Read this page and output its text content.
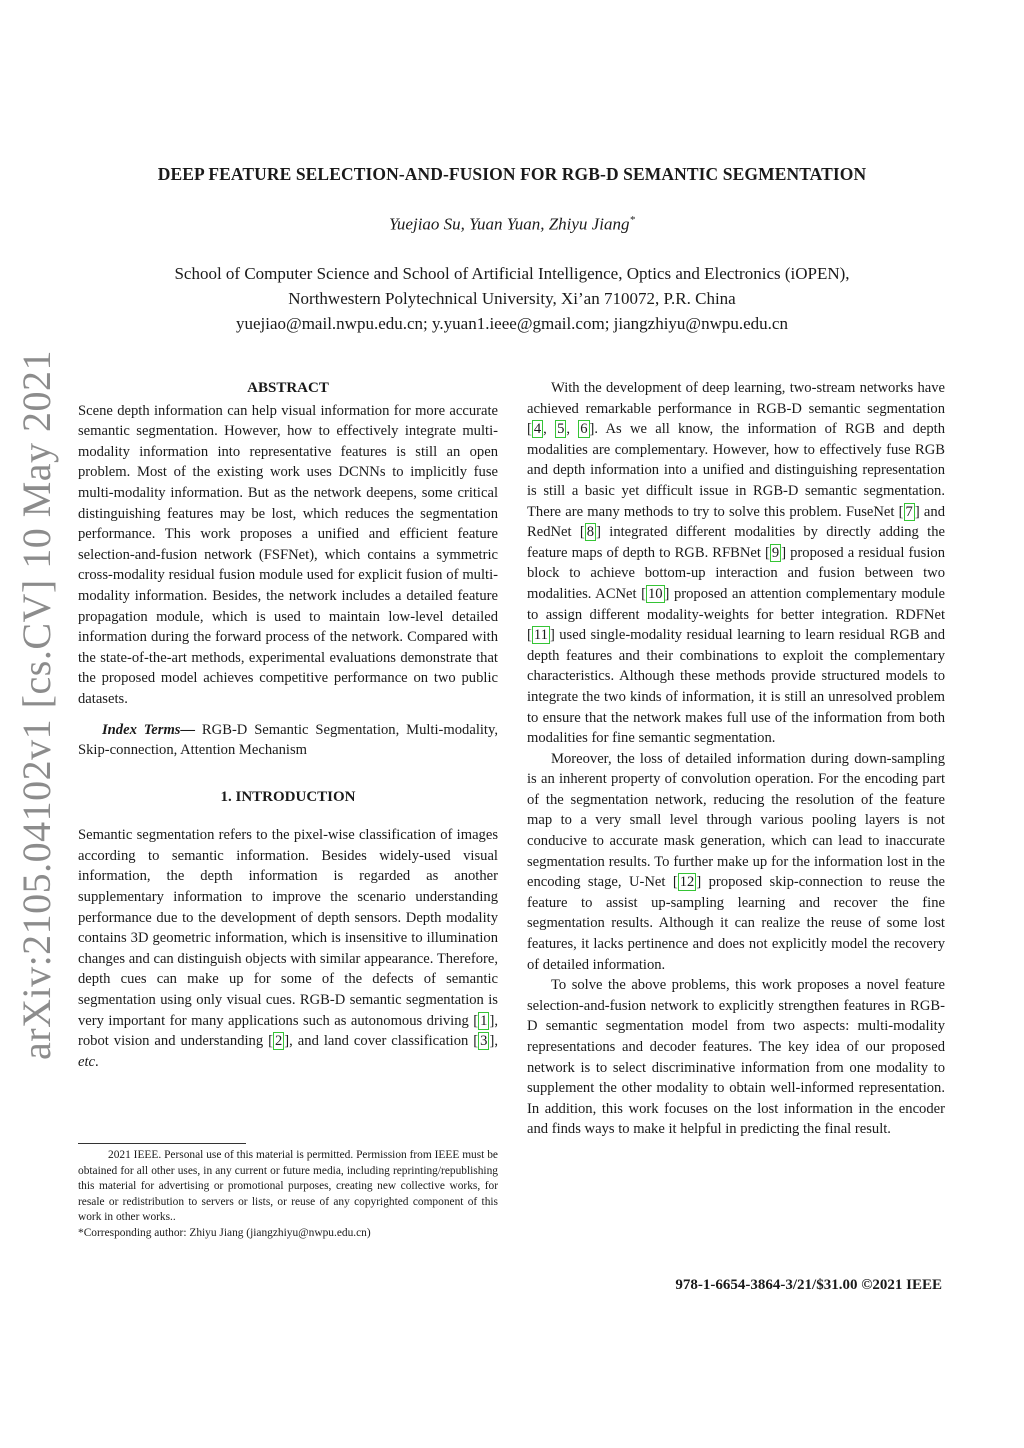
arXiv:2105.04102v1 [cs.CV] 10 May 2021
DEEP FEATURE SELECTION-AND-FUSION FOR RGB-D SEMANTIC SEGMENTATION
Yuejiao Su, Yuan Yuan, Zhiyu Jiang*
School of Computer Science and School of Artificial Intelligence, Optics and Electronics (iOPEN),
Northwestern Polytechnical University, Xi’an 710072, P.R. China
yuejiao@mail.nwpu.edu.cn; y.yuan1.ieee@gmail.com; jiangzhiyu@nwpu.edu.cn
ABSTRACT

Scene depth information can help visual information for more accurate semantic segmentation. However, how to effectively integrate multi-modality information into representative features is still an open problem. Most of the existing work uses DCNNs to implicitly fuse multi-modality information. But as the network deepens, some critical distinguishing features may be lost, which reduces the segmentation performance. This work proposes a unified and efficient feature selection-and-fusion network (FSFNet), which contains a symmetric cross-modality residual fusion module used for explicit fusion of multi-modality information. Besides, the network includes a detailed feature propagation module, which is used to maintain low-level detailed information during the forward process of the network. Compared with the state-of-the-art methods, experimental evaluations demonstrate that the proposed model achieves competitive performance on two public datasets.

Index Terms— RGB-D Semantic Segmentation, Multi-modality, Skip-connection, Attention Mechanism

1. INTRODUCTION

Semantic segmentation refers to the pixel-wise classification of images according to semantic information. Besides widely-used visual information, the depth information is regarded as another supplementary information to improve the scenario understanding performance due to the development of depth sensors. Depth modality contains 3D geometric information, which is insensitive to illumination changes and can distinguish objects with similar appearance. Therefore, depth cues can make up for some of the defects of semantic segmentation using only visual cues. RGB-D semantic segmentation is very important for many applications such as autonomous driving [ 1 ], robot vision and understanding [ 2 ], and land cover classification [ 3 ], etc.

2021 IEEE. Personal use of this material is permitted. Permission from IEEE must be obtained for all other uses, in any current or future media, including reprinting/republishing this material for advertising or promotional purposes, creating new collective works, for resale or redistribution to servers or lists, or reuse of any copyrighted component of this work in other works..

*Corresponding author: Zhiyu Jiang (jiangzhiyu@nwpu.edu.cn)

With the development of deep learning, two-stream networks have achieved remarkable performance in RGB-D semantic segmentation [ 4 , 5 , 6 ]. As we all know, the information of RGB and depth modalities are complementary. However, how to effectively fuse RGB and depth information into a unified and distinguishing representation is still a basic yet difficult issue in RGB-D semantic segmentation. There are many methods to try to solve this problem. FuseNet [ 7 ] and RedNet [ 8 ] integrated different modalities by directly adding the feature maps of depth to RGB. RFBNet [ 9 ] proposed a residual fusion block to achieve bottom-up interaction and fusion between two modalities. ACNet [ 10 ] proposed an attention complementary module to assign different modality-weights for better integration. RDFNet [ 11 ] used single-modality residual learning to learn residual RGB and depth features and their combinations to exploit the complementary characteristics. Although these methods provide structured models to integrate the two kinds of information, it is still an unresolved problem to ensure that the network makes full use of the information from both modalities for fine semantic segmentation.

Moreover, the loss of detailed information during down-sampling is an inherent property of convolution operation. For the encoding part of the segmentation network, reducing the resolution of the feature map to a very small level through various pooling layers is not conducive to accurate mask generation, which can lead to inaccurate segmentation results. To further make up for the information lost in the encoding stage, U-Net [ 12 ] proposed skip-connection to reuse the feature to assist up-sampling learning and recover the fine segmentation results. Although it can realize the reuse of some lost features, it lacks pertinence and does not explicitly model the recovery of detailed information.

To solve the above problems, this work proposes a novel feature selection-and-fusion network to explicitly strengthen features in RGB-D semantic segmentation model from two aspects: multi-modality representations and decoder features. The key idea of our proposed network is to select discriminative information from one modality to supplement the other modality to obtain well-informed representation. In addition, this work focuses on the lost information in the encoder and finds ways to make it helpful in predicting the final result.

978-1-6654-3864-3/21/$31.00 ©2021 IEEE
